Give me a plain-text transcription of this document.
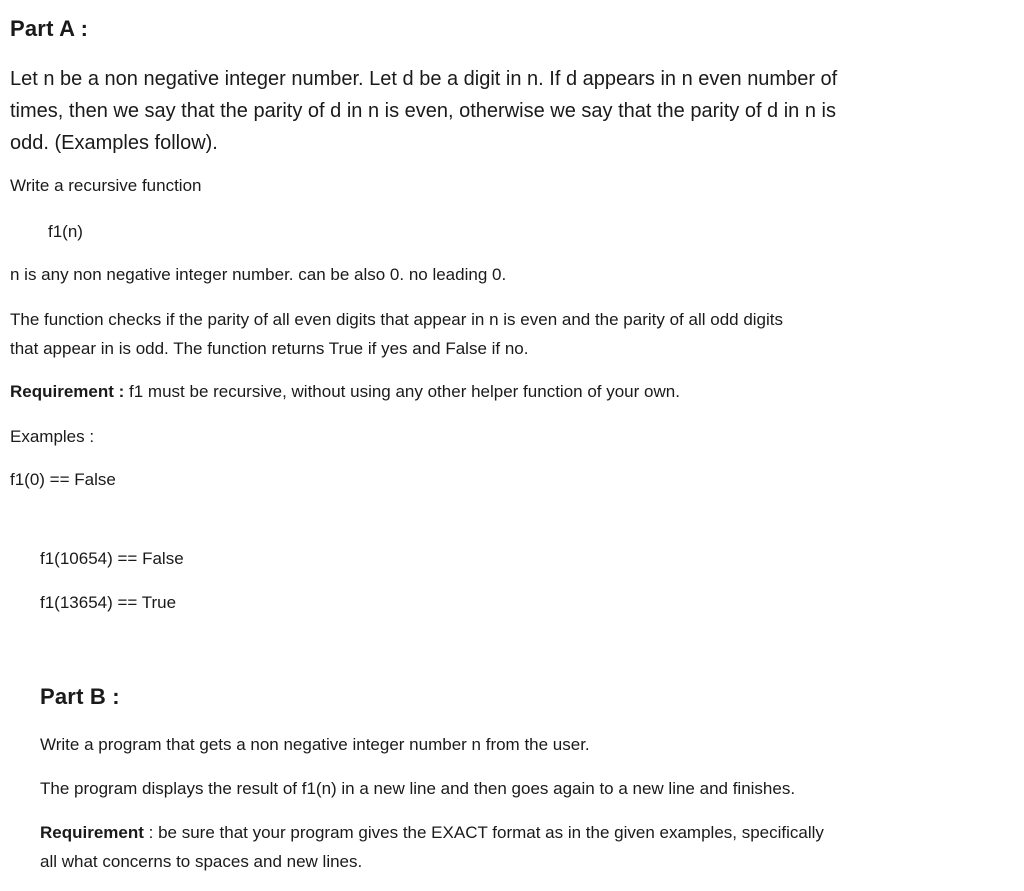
Part A :
Let n be a non negative integer number. Let d be a digit in n. If d appears in n even number of
times, then we say that the parity of d in n is even, otherwise we say that the parity of d in n is
odd. (Examples follow).
Write a recursive function
f1(n)
n is any non negative integer number. can be also 0. no leading 0.
The function checks if the parity of all even digits that appear in n is even and the parity of all odd digits
that appear in is odd. The function returns True if yes and False if no.
Requirement : f1 must be recursive, without using any other helper function of your own.
Examples :
f1(0) == False
f1(10654) == False
f1(13654) == True
Part B :
Write a program that gets a non negative integer number n from the user.
The program displays the result of f1(n) in a new line and then goes again to a new line and finishes.
Requirement : be sure that your program gives the EXACT format as in the given examples, specifically
all what concerns to spaces and new lines.
